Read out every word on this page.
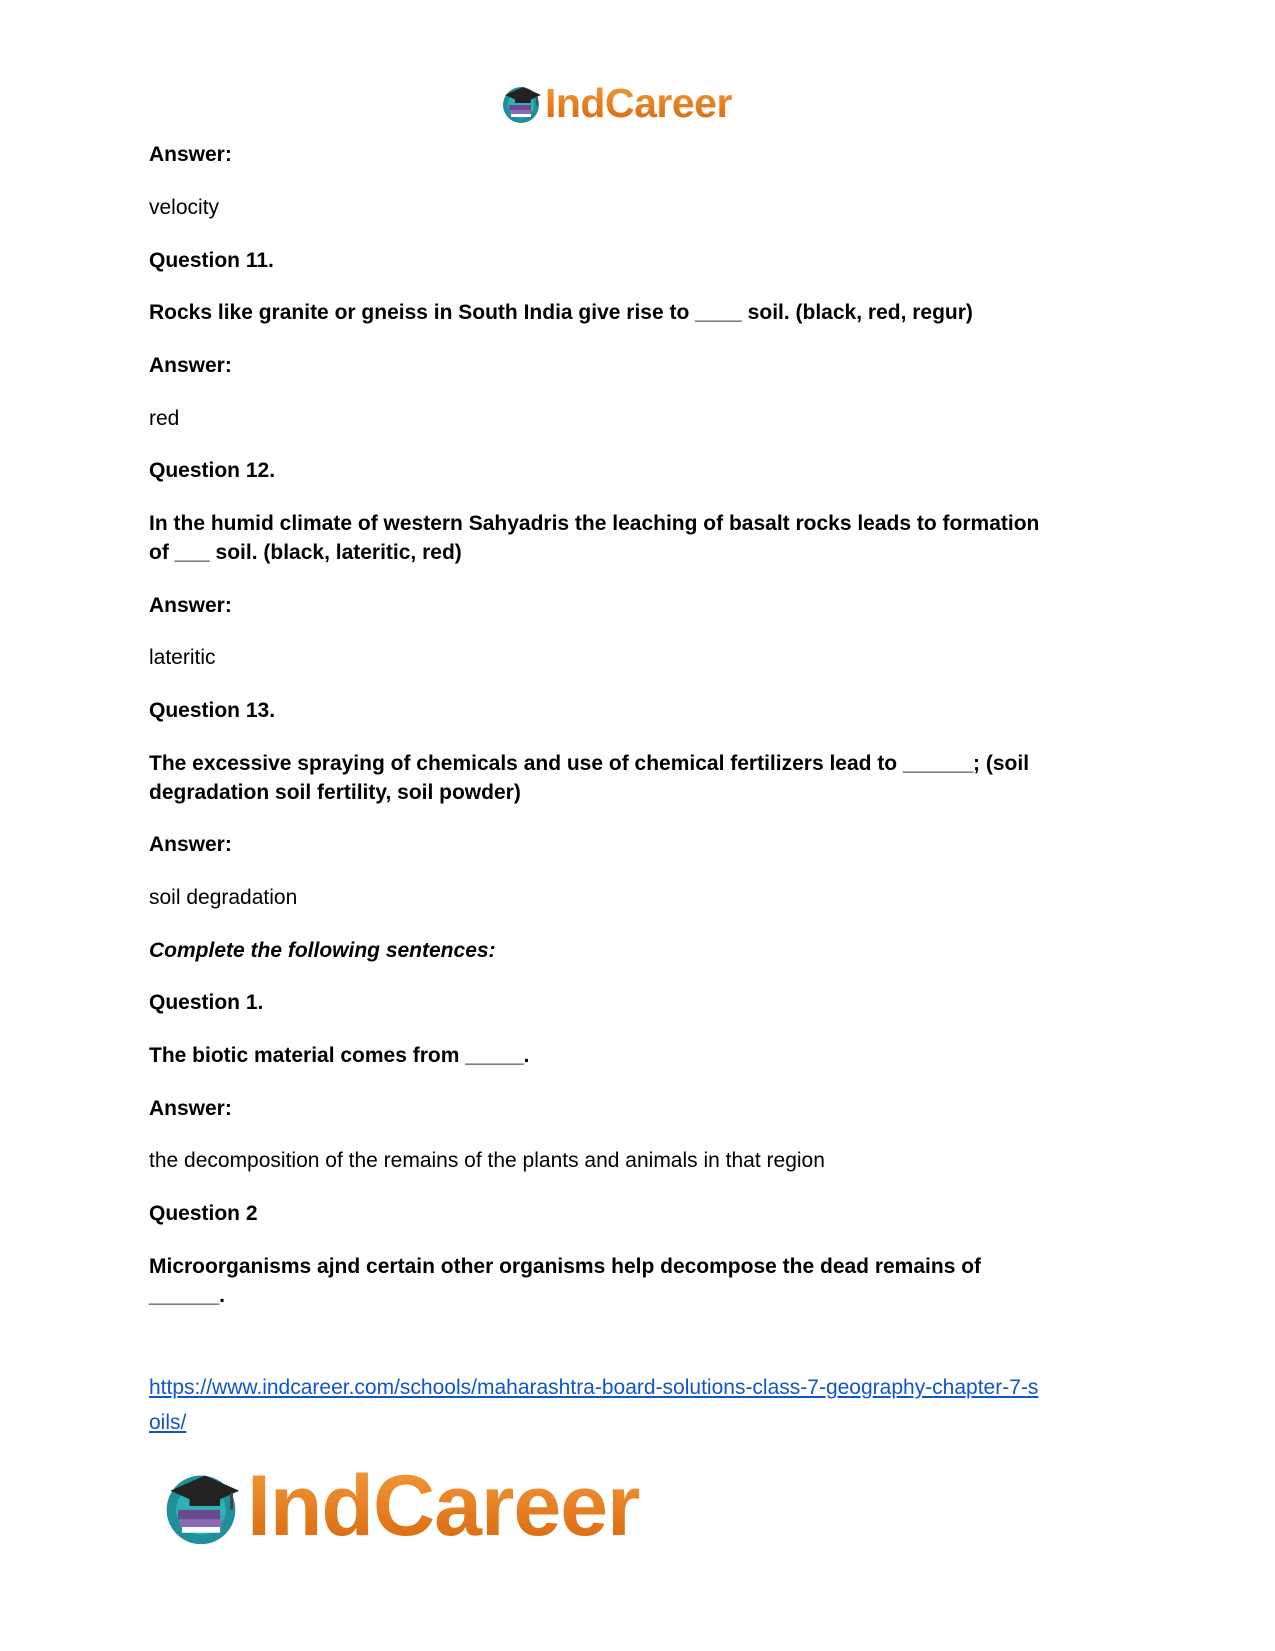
IndCareer
Answer:
velocity
Question 11.
Rocks like granite or gneiss in South India give rise to ____ soil. (black, red, regur)
Answer:
red
Question 12.
In the humid climate of western Sahyadris the leaching of basalt rocks leads to formation
of ___ soil. (black, lateritic, red)
Answer:
lateritic
Question 13.
The excessive spraying of chemicals and use of chemical fertilizers lead to ______; (soil
degradation soil fertility, soil powder)
Answer:
soil degradation
Complete the following sentences:
Question 1.
The biotic material comes from _____.
Answer:
the decomposition of the remains of the plants and animals in that region
Question 2
Microorganisms ajnd certain other organisms help decompose the dead remains of
______.
https://www.indcareer.com/schools/maharashtra-board-solutions-class-7-geography-chapter-7-s
oils/
IndCareer
